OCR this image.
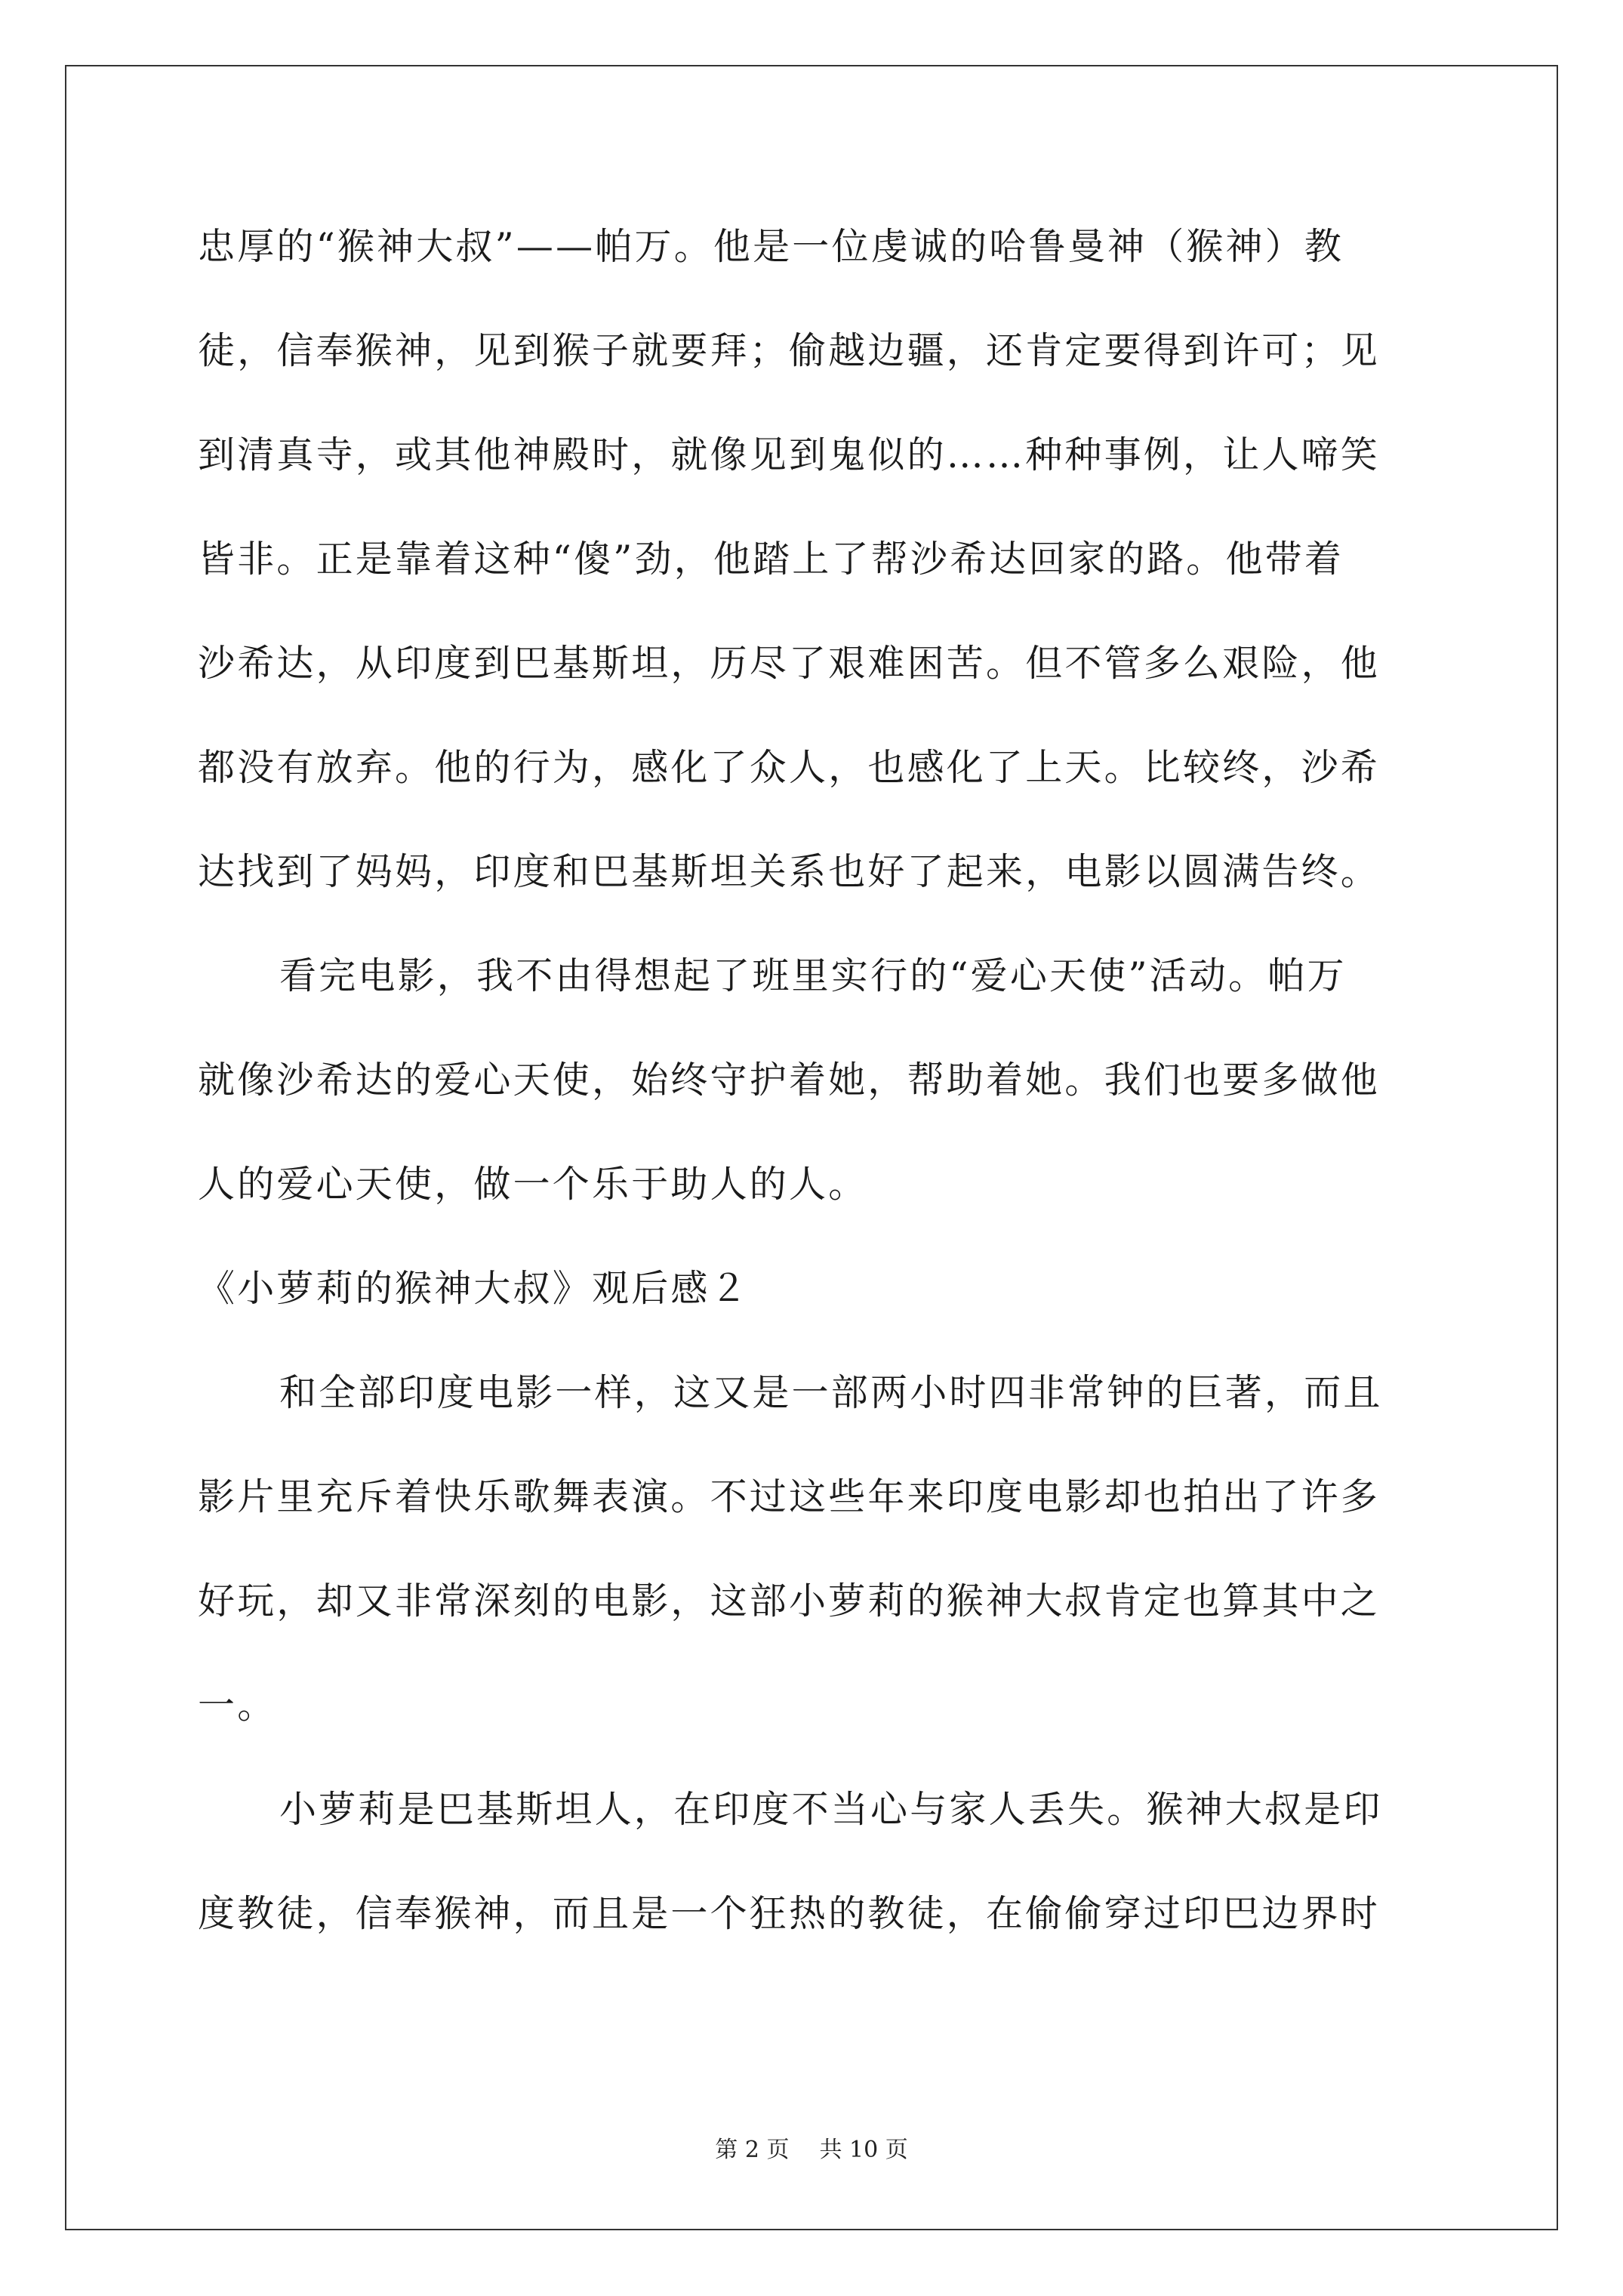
忠厚的“猴神大叔”——帕万。他是一位虔诚的哈鲁曼神（猴神）教
徒，信奉猴神，见到猴子就要拜；偷越边疆，还肯定要得到许可；见
到清真寺，或其他神殿时，就像见到鬼似的……种种事例，让人啼笑
皆非。正是靠着这种“傻”劲，他踏上了帮沙希达回家的路。他带着
沙希达，从印度到巴基斯坦，历尽了艰难困苦。但不管多么艰险，他
都没有放弃。他的行为，感化了众人，也感化了上天。比较终，沙希
达找到了妈妈，印度和巴基斯坦关系也好了起来，电影以圆满告终。
看完电影，我不由得想起了班里实行的“爱心天使”活动。帕万
就像沙希达的爱心天使，始终守护着她，帮助着她。我们也要多做他
人的爱心天使，做一个乐于助人的人。
《小萝莉的猴神大叔》观后感２
和全部印度电影一样，这又是一部两小时四非常钟的巨著，而且
影片里充斥着快乐歌舞表演。不过这些年来印度电影却也拍出了许多
好玩，却又非常深刻的电影，这部小萝莉的猴神大叔肯定也算其中之
一。
小萝莉是巴基斯坦人，在印度不当心与家人丢失。猴神大叔是印
度教徒，信奉猴神，而且是一个狂热的教徒，在偷偷穿过印巴边界时
第 2 页 共 10 页
